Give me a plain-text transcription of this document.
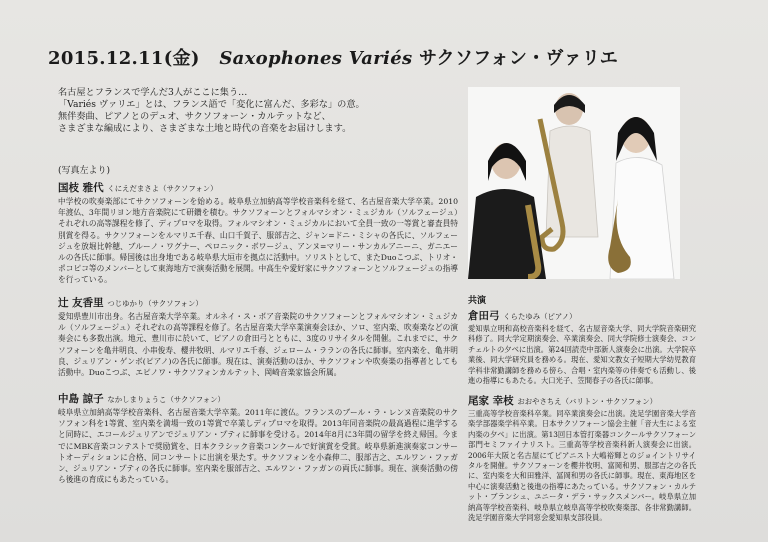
2015.12.11(金) Saxophones Variés サクソフォン・ヴァリエ
名古屋とフランスで学んだ3人がここに集う…
「Variés ヴァリエ」とは、フランス語で「変化に富んだ、多彩な」の意。
無伴奏曲、ピアノとのデュオ、サクソフォーン・カルテットなど、
さまざまな編成により、さまざまな土地と時代の音楽をお届けします。
(写真左より)
国枝 雅代 くにえだまさよ（サクソフォン）
中学校の吹奏楽部にてサクソフォーンを始める。岐阜県立加納高等学校音楽科を経て、名古屋音楽大学卒業。2010年渡仏、3年間リヨン地方音楽院にて研鑽を積む。サクソフォーンとフォルマシオン・ミュジカル（ソルフェージュ）それぞれの高等課程を修了、ディプロマを取得。フォルマシオン・ミュジカルにおいて全員一致の一等賞と審査員特別賞を得る。サクソフォーンをルマリエ千春、山口千賀子、服部吉之、ジャン=ドニ・ミシャの各氏に、ソルフェージュを放堀比幹穂、ブルーノ・ワグナー、ペロニック・ボワージュ、アンヌ=マリー・サンカルアニーニ、ガニエールの各氏に師事。帰国後は出身地である岐阜県大垣市を拠点に活動中。ソリストとして、またDuoこつぶ、トリオ・ポコピコ等のメンバーとして東海地方で演奏活動を展開。中高生や愛好家にサクソフォーンとソルフェージュの指導を行っている。
辻 友香里 つじゆかり（サクソフォン）
愛知県豊川市出身。名古屋音楽大学卒業。オルネイ・ス・ボア音楽院のサクソフォーンとフォルマシオン・ミュジカル（ソルフェージュ）それぞれの高等課程を修了。名古屋音楽大学卒業演奏会ほか、ソロ、室内楽、吹奏楽などの演奏会にも多数出演。地元、豊川市に於いて、ピアノの倉田弓とともに、3度のリサイタルを開催。これまでに、サクソフォーンを亀井明良、小串俊寿、櫻井牧明、ルマリエ千春、ジェローム・ラランの各氏に師事。室内楽を、亀井明良、ジュリアン・ゲンボ(ピアノ)の各氏に師事。現在は、演奏活動のほか、サクソフォンや吹奏楽の指導者としても活動中。Duoこつぶ、エピノワ・サクソフォンカルテット、岡崎音楽家協会所属。
中島 諒子 なかしまりょうこ（サクソフォン）
岐阜県立加納高等学校音楽科、名古屋音楽大学卒業。2011年に渡仏。フランスのブール・ラ・レンヌ音楽院のサクソフォン科を1等賞、室内楽を満場一致の1等賞で卒業しディプロマを取得。2013年同音楽院の最高過程に進学すると同時に、エコールジュリアンでジュリアン・プティに師事を受ける。2014年8月に3年間の留学を終え帰国。今までにMBK音楽コンテストで奨励賞を、日本クラシック音楽コンクールで好演賞を受賞。岐阜県新進演奏家コンサートオーディションに合格、同コンサートに出演を果たす。サクソフォンを小森伸二、服部吉之、エルワン・ファガン、ジュリアン・プティの各氏に師事。室内楽を服部吉之、エルワン・ファガンの両氏に師事。現在、演奏活動の傍ら後進の育成にもあたっている。
共演
倉田弓 くらたゆみ（ピアノ）
愛知県立明和高校音楽科を経て、名古屋音楽大学、同大学院音楽研究科修了。同大学定期演奏会、卒業演奏会、同大学院修士演奏会、コンチェルトの夕べに出演。第24回読売中部新人演奏会に出演。大学院卒業後、同大学研究員を務める。現在、愛知文教女子短期大学幼児教育学科非常勤講師を務める傍ら、合唱・室内楽等の伴奏でも活動し、後進の指導にもあたる。大口光子、笠間春子の各氏に師事。
尾家 幸枝 おおやさちえ（バリトン・サクソフォン）
三重高等学校音楽科卒業。同卒業演奏会に出演。洗足学園音楽大学音楽学部器楽学科卒業。日本サクソフォーン協会主催「音大生による室内楽の夕べ」に出演。第13回日本管打楽器コンクールサクソフォーン部門セミファイナリスト。三重高等学校音楽科新人演奏会に出演。2006年大阪と名古屋にてピアニスト大嶋裕輝とのジョイントリサイタルを開催。サクソフォーンを櫻井牧明、富岡和男、服部吉之の各氏に、室内楽を大和田雅洋、冨岡和男の各氏に師事。現在、東海地区を中心に演奏活動と後進の指導にあたっている。サクソフォン・カルテット・ブランシュ、ユニータ・デラ・サックスメンバー。岐阜県立加納高等学校音楽科、岐阜県立岐阜高等学校吹奏楽部、各非常勤講師。洗足学園音楽大学同窓会愛知県支部役員。
